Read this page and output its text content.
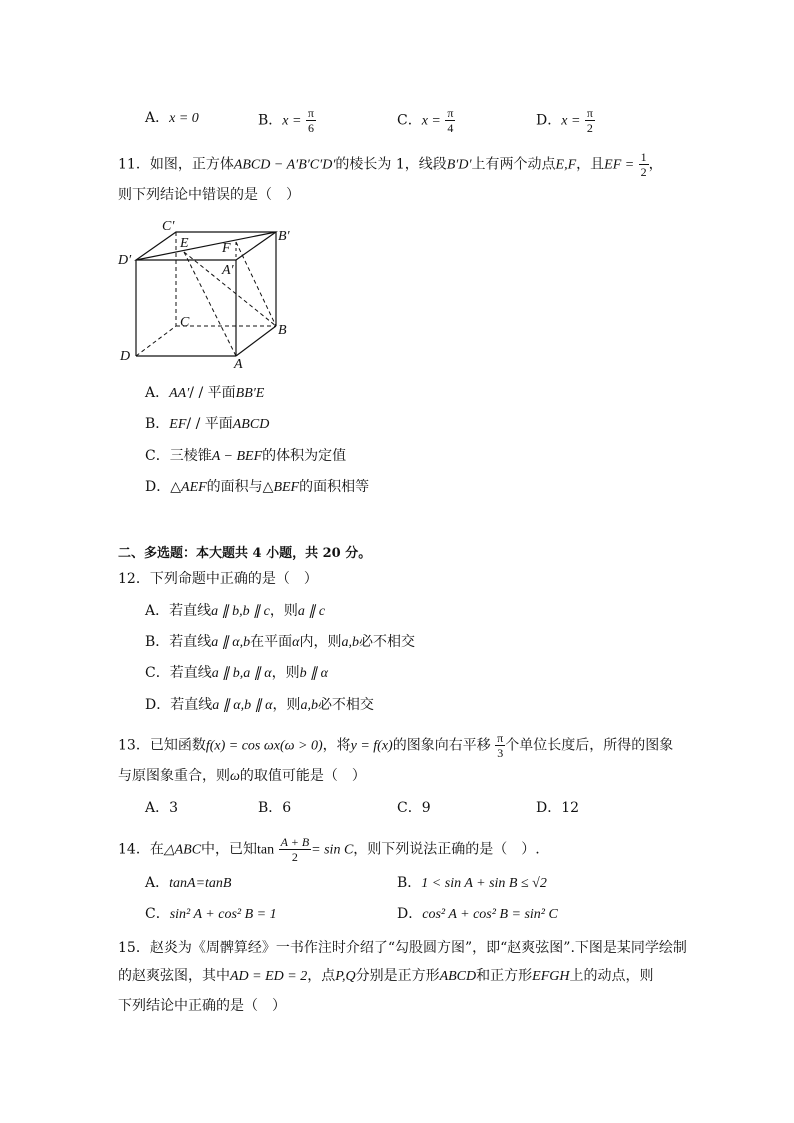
A．x = 0	B．$x = \frac{\pi}{6}$	C．$x = \frac{\pi}{4}$	D．$x = \frac{\pi}{2}$
11．如图，正方体ABCD − A′B′C′D′的棱长为 1，线段B′D′上有两个动点E,F，且EF = $\frac{1}{2}$ ，
则下列结论中错误的是（　）
C′
B′
D′
E F
A′
C
B
D
A
A．AA′/ / 平面BB′E
B．EF/ / 平面ABCD
C．三棱锥A − BEF的体积为定值
D．△AEF的面积与△BEF的面积相等
二、多选题：本大题共 4 小题，共 20 分。
12．下列命题中正确的是（　）
A．若直线a ∥ b,b ∥ c，则a ∥ c
B．若直线a ∥ α,b在平面α内，则a,b必不相交
C．若直线a ∥ b,a ∥ α，则b ∥ α
D．若直线a ∥ α,b ∥ α，则a,b必不相交
13．已知函数f(x) = cos ωx(ω > 0)，将y = f(x)的图象向右平移 $\frac{\pi}{3}$ 个单位长度后，所得的图象
与原图象重合，则ω的取值可能是（　）
A．3	B．6	C．9	D．12
14．在△ABC中，已知$\tan \frac{A + B}{2} = \sin C$，则下列说法正确的是（　）.
A．tanA=tanB	B．1 < sin A + sin B ≤ √2
C．sin² A + cos² B = 1	D．cos² A + cos² B = sin² C
15．赵炎为《周髀算经》一书作注时介绍了“勾股圆方图”，即“赵爽弦图”.下图是某同学绘制
的赵爽弦图，其中AD = ED = 2，点P,Q分别是正方形ABCD和正方形EFGH上的动点，则
下列结论中正确的是（　）
